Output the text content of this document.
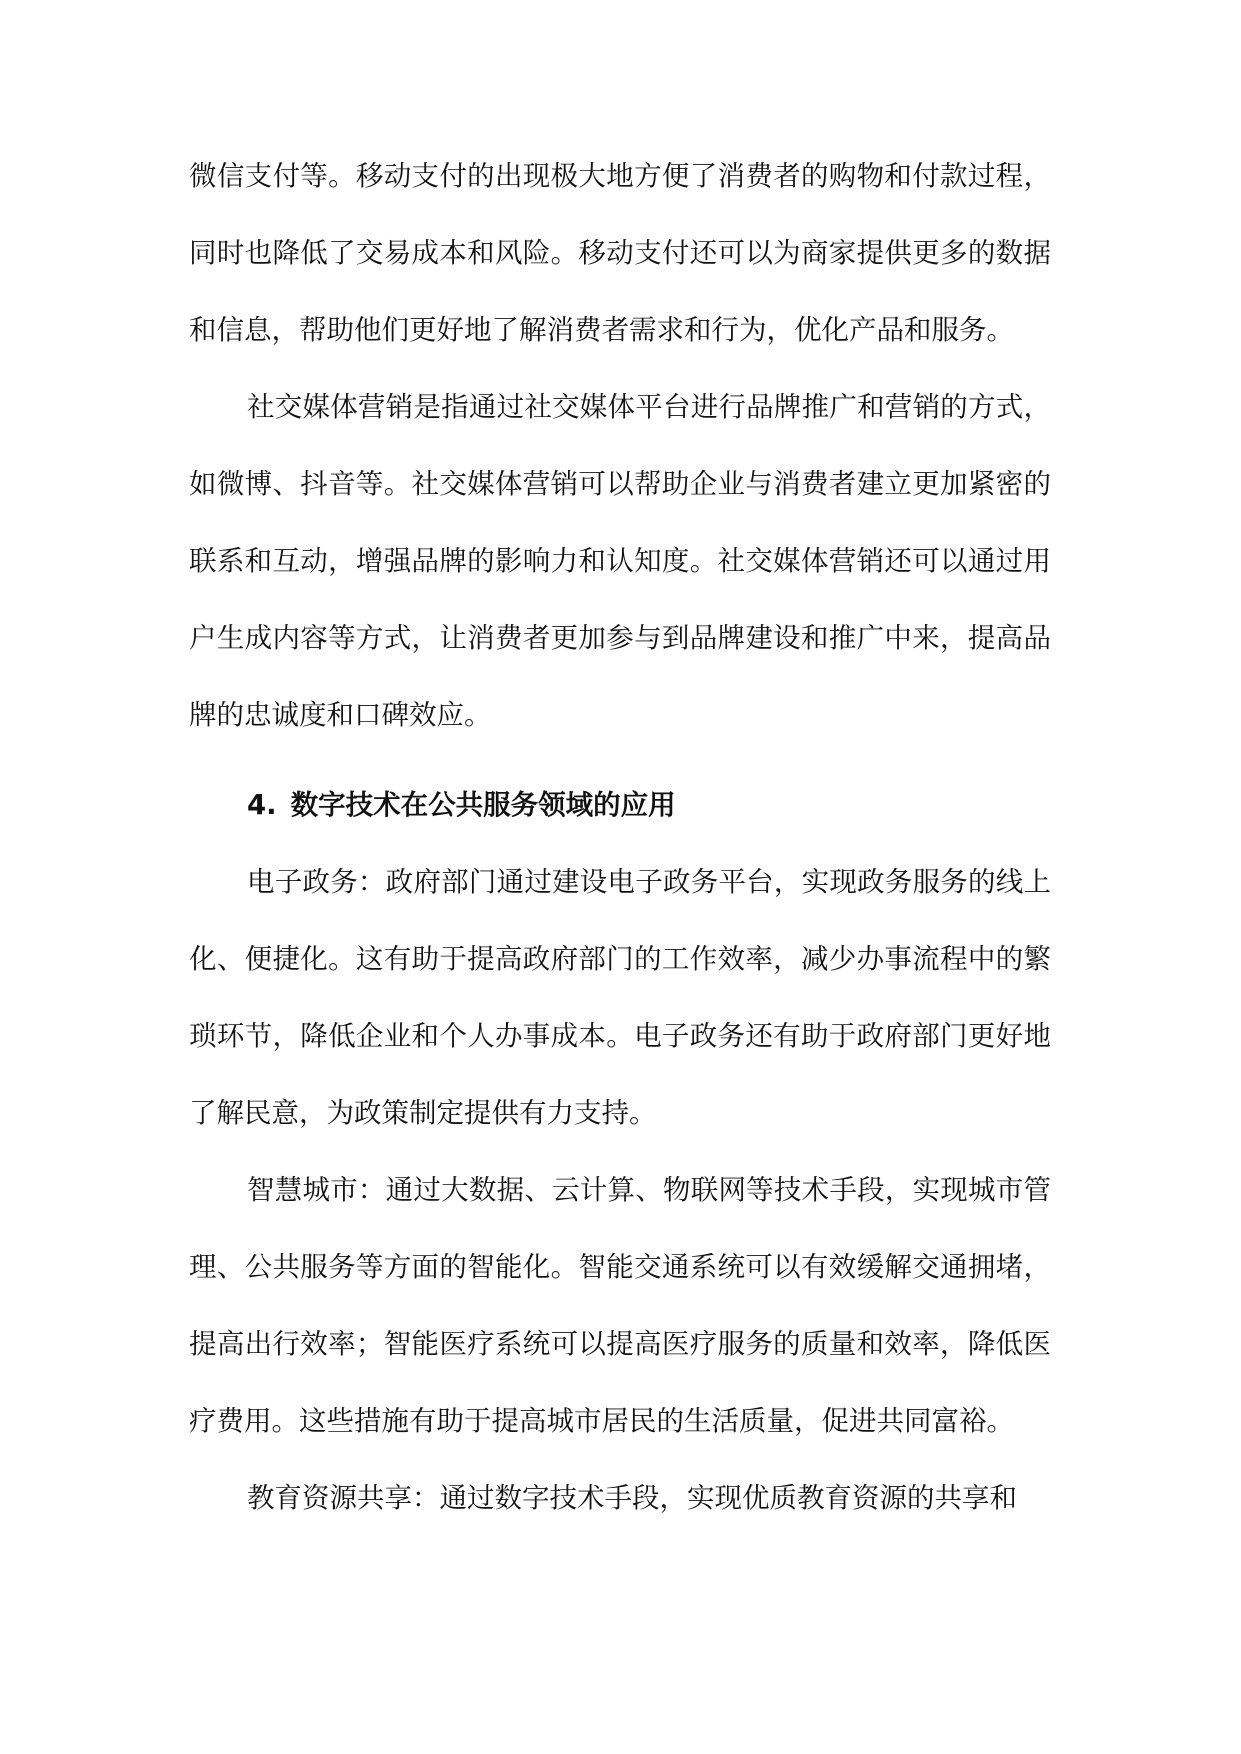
微信支付等。移动支付的出现极大地方便了消费者的购物和付款过程，同时也降低了交易成本和风险。移动支付还可以为商家提供更多的数据和信息，帮助他们更好地了解消费者需求和行为，优化产品和服务。

社交媒体营销是指通过社交媒体平台进行品牌推广和营销的方式，如微博、抖音等。社交媒体营销可以帮助企业与消费者建立更加紧密的联系和互动，增强品牌的影响力和认知度。社交媒体营销还可以通过用户生成内容等方式，让消费者更加参与到品牌建设和推广中来，提高品牌的忠诚度和口碑效应。

4. 数字技术在公共服务领域的应用

电子政务：政府部门通过建设电子政务平台，实现政务服务的线上化、便捷化。这有助于提高政府部门的工作效率，减少办事流程中的繁琐环节，降低企业和个人办事成本。电子政务还有助于政府部门更好地了解民意，为政策制定提供有力支持。

智慧城市：通过大数据、云计算、物联网等技术手段，实现城市管理、公共服务等方面的智能化。智能交通系统可以有效缓解交通拥堵，提高出行效率；智能医疗系统可以提高医疗服务的质量和效率，降低医疗费用。这些措施有助于提高城市居民的生活质量，促进共同富裕。

教育资源共享：通过数字技术手段，实现优质教育资源的共享和
